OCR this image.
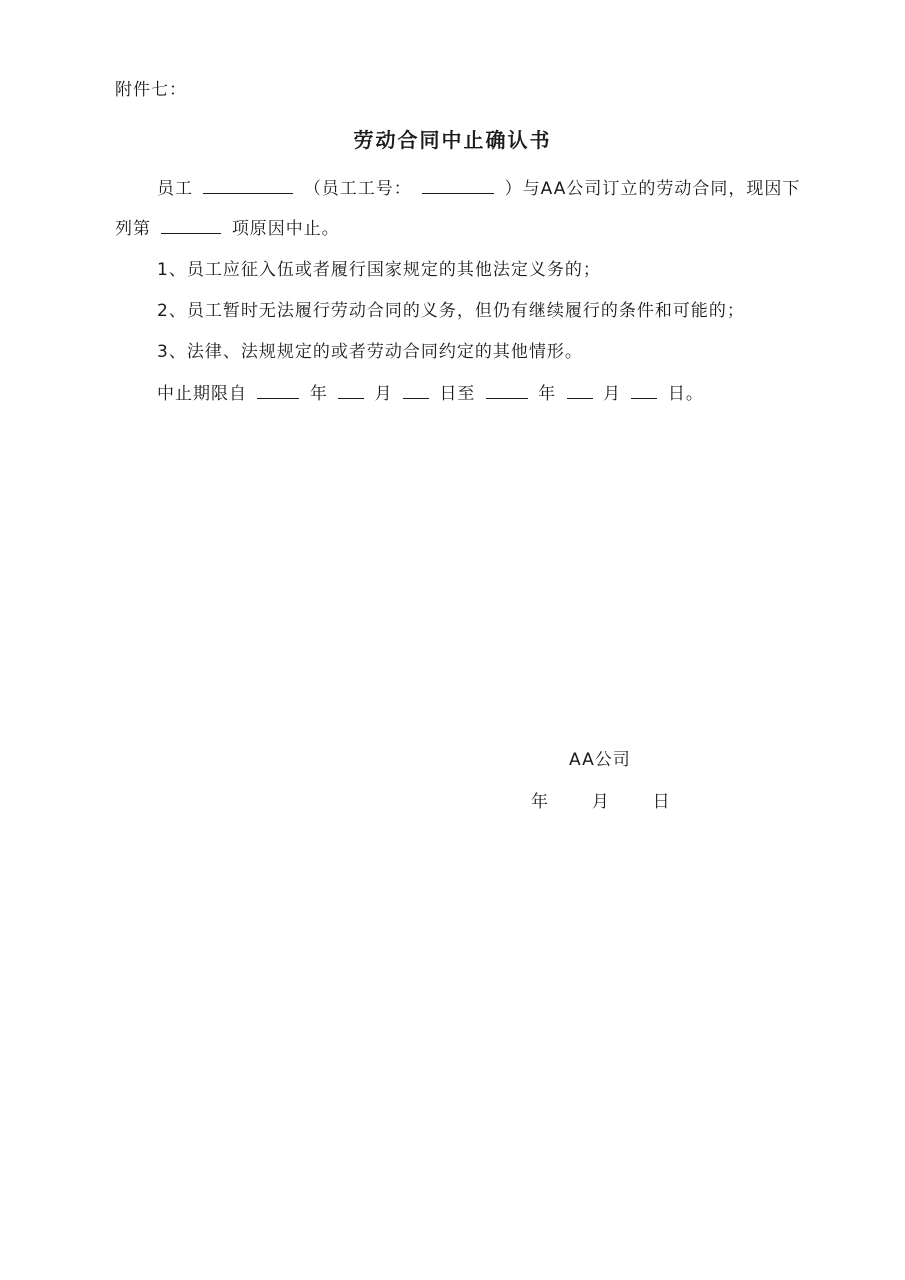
附件七：
劳动合同中止确认书
员工	（员工工号：	）与AA公司订立的劳动合同，现因下
列第	项原因中止。
1、员工应征入伍或者履行国家规定的其他法定义务的；
2、员工暂时无法履行劳动合同的义务，但仍有继续履行的条件和可能的；
3、法律、法规规定的或者劳动合同约定的其他情形。
中止期限自	年	月	日至	年	月	日。
AA公司
年	月	日
